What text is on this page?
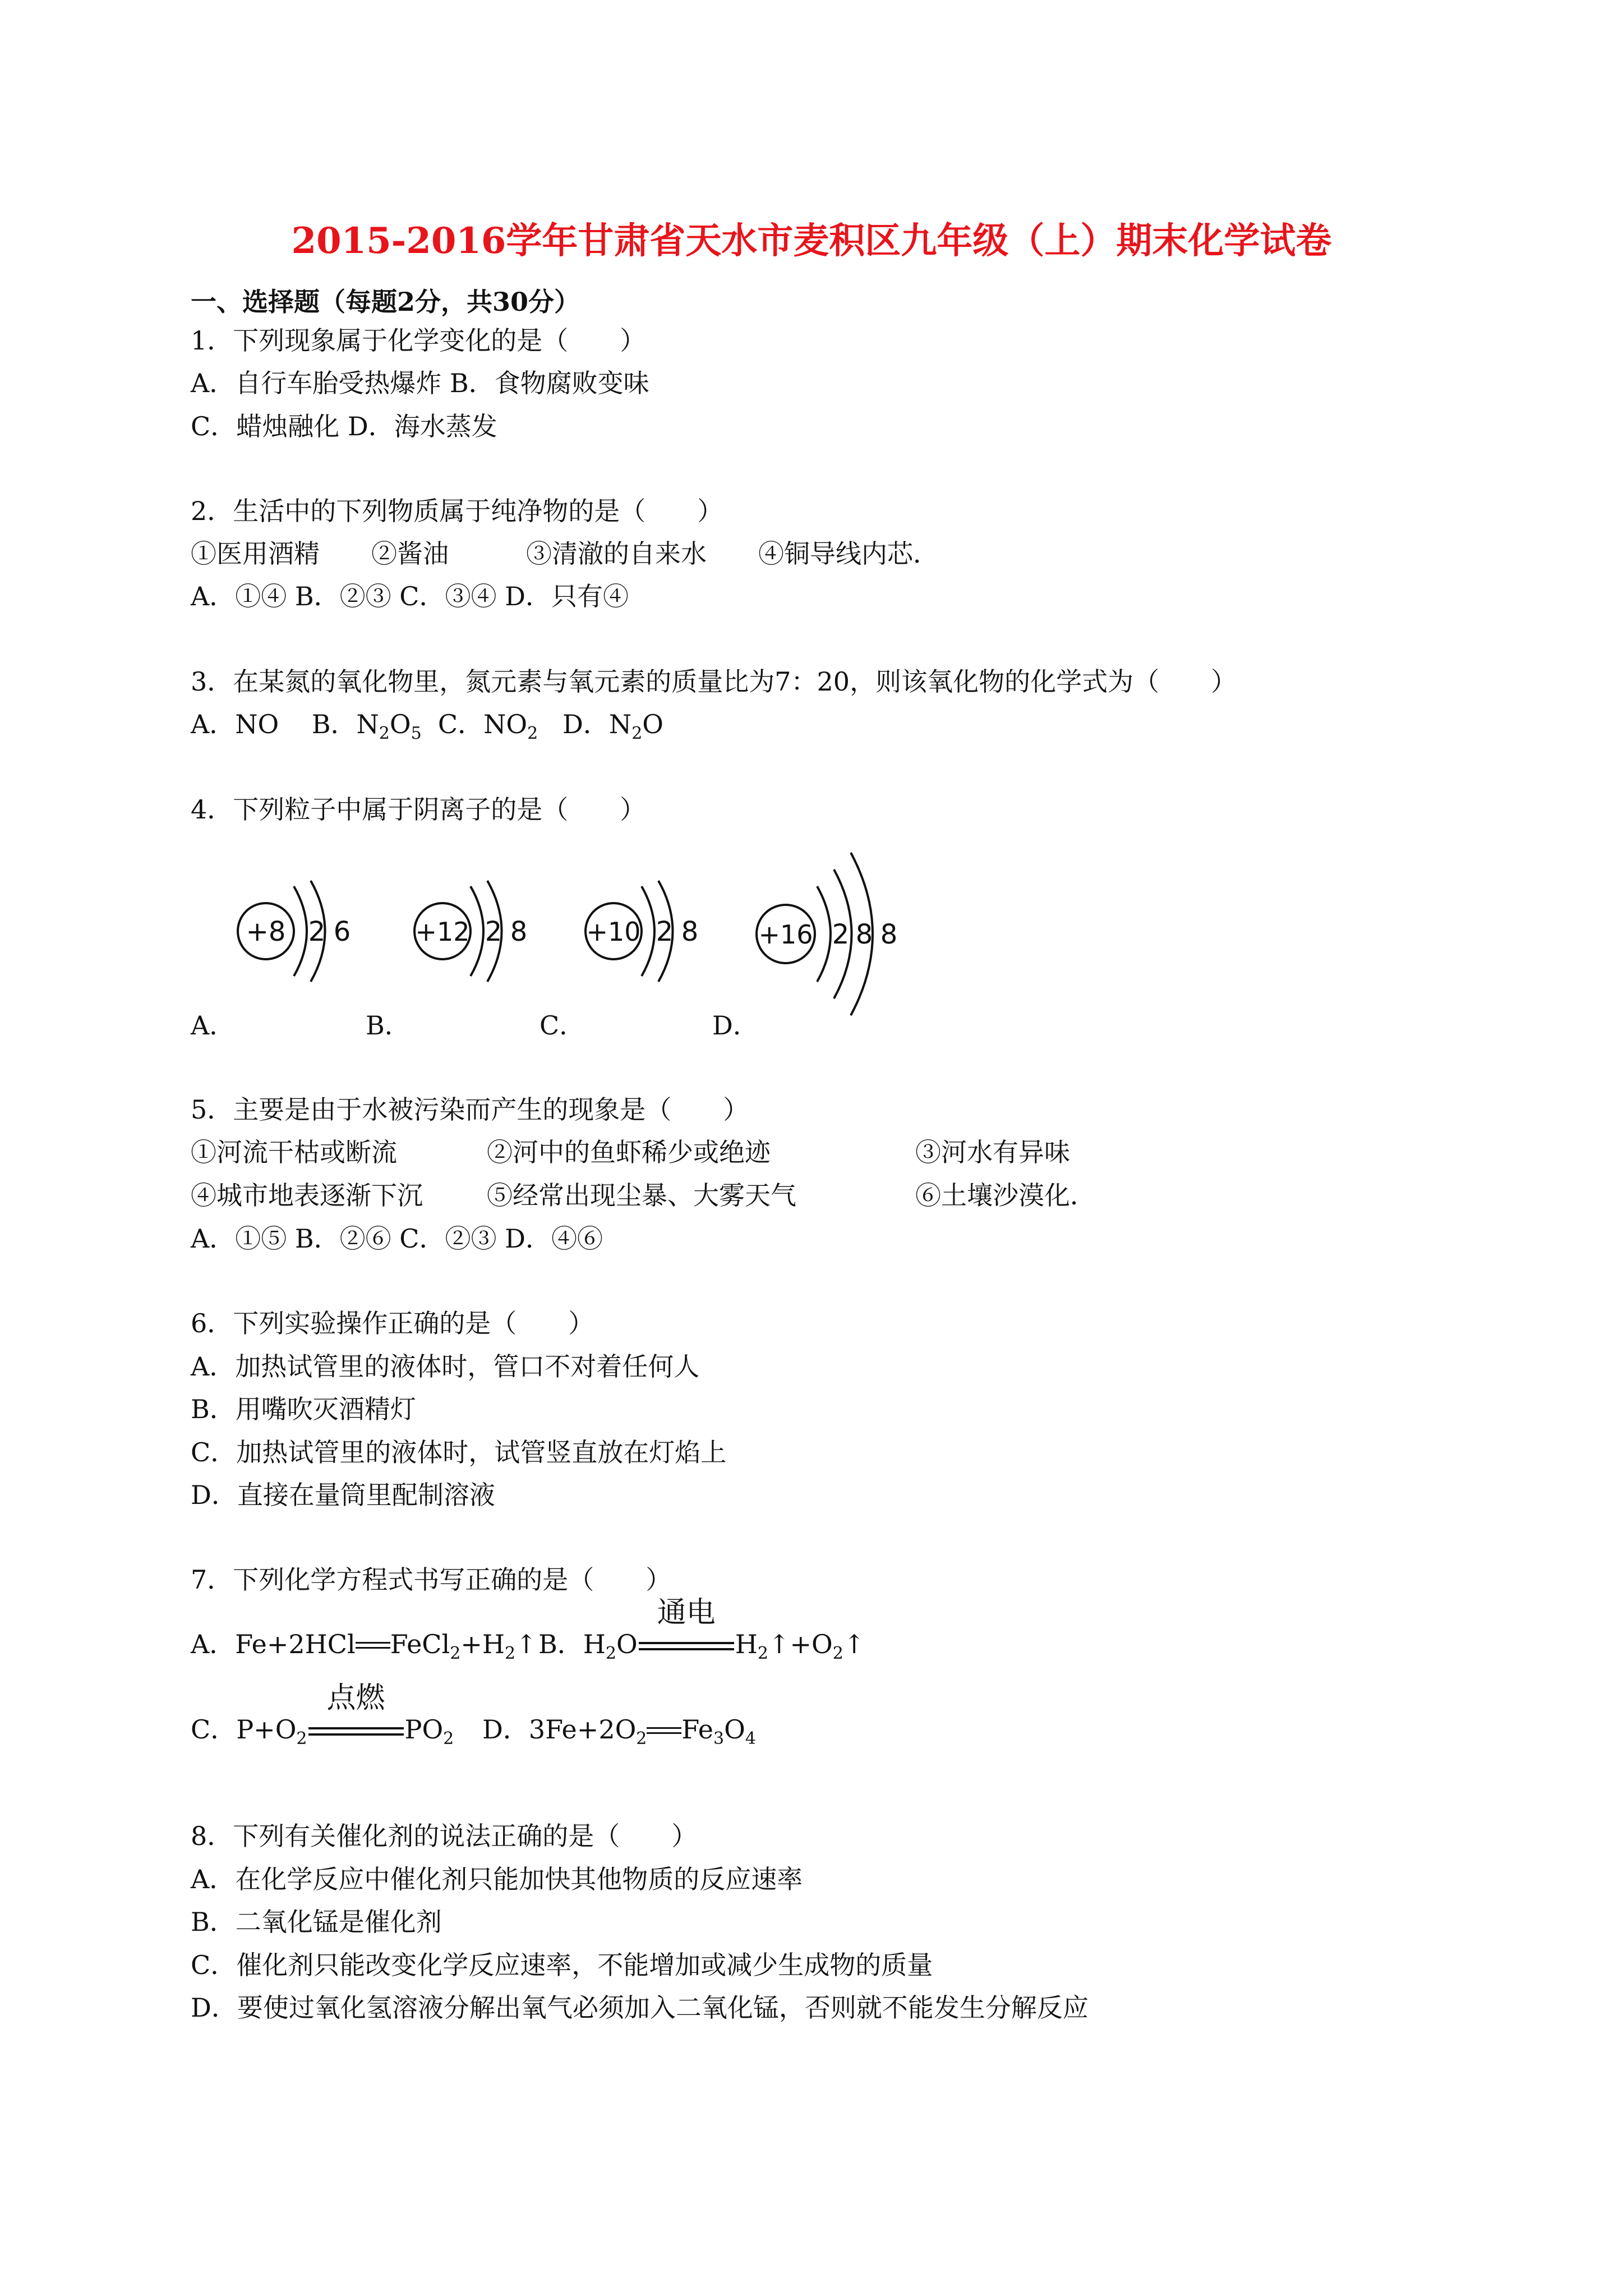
2015-2016学年甘肃省天水市麦积区九年级（上）期末化学试卷
一、选择题（每题2分，共30分）
1．下列现象属于化学变化的是（　　）
A．自行车胎受热爆炸 B．食物腐败变味
C．蜡烛融化 D．海水蒸发
2．生活中的下列物质属于纯净物的是（　　）
①医用酒精　　②酱油　　　③清澈的自来水　　④铜导线内芯．
A．①④ B．②③ C．③④ D．只有④
3．在某氮的氧化物里，氮元素与氧元素的质量比为7：20，则该氧化物的化学式为（　　）
A．NO B．$N_2O_5$ C．$NO_2$ D．$N_2O$
4．下列粒子中属于阴离子的是（　　）
+8 2 6
A．
+12 2 8
B．
+10 2 8
C．
+16 2 8 8
D．
5．主要是由于水被污染而产生的现象是（　　）
①河流干枯或断流	②河中的鱼虾稀少或绝迹	③河水有异味
④城市地表逐渐下沉 ⑤经常出现尘暴、大雾天气	⑥土壤沙漠化．
A．①⑤ B．②⑥ C．②③ D．④⑥
6．下列实验操作正确的是（　　）
A．加热试管里的液体时，管口不对着任何人
B．用嘴吹灭酒精灯
C．加热试管里的液体时，试管竖直放在灯焰上
D．直接在量筒里配制溶液
7．下列化学方程式书写正确的是（　　）
A．Fe+2HCl $FeCl_2+H_2↑$ B．$H_2O$
通电
$H_2↑+O_2↑$
C．$P+O_2$
点燃
$PO_2$ D．$3Fe+2O_2$ $Fe_3O_4$
8．下列有关催化剂的说法正确的是（　　）
A．在化学反应中催化剂只能加快其他物质的反应速率
B．二氧化锰是催化剂
C．催化剂只能改变化学反应速率，不能增加或减少生成物的质量
D．要使过氧化氢溶液分解出氧气必须加入二氧化锰，否则就不能发生分解反应
